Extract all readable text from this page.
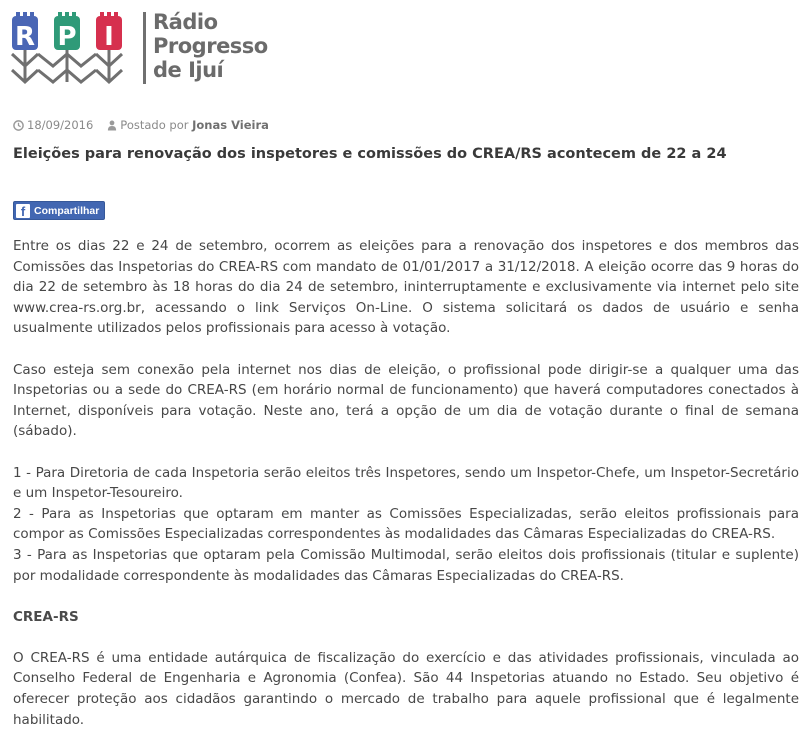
R P I Rádio
Progresso
de Ijuí
18/09/2016 Postado por Jonas Vieira
Eleições para renovação dos inspetores e comissões do CREA/RS acontecem de 22 a 24
f Compartilhar

Entre os dias 22 e 24 de setembro, ocorrem as eleições para a renovação dos inspetores e dos membros das Comissões das Inspetorias do CREA-RS com mandato de 01/01/2017 a 31/12/2018. A eleição ocorre das 9 horas do dia 22 de setembro às 18 horas do dia 24 de setembro, ininterruptamente e exclusivamente via internet pelo site www.crea-rs.org.br, acessando o link Serviços On-Line. O sistema solicitará os dados de usuário e senha usualmente utilizados pelos profissionais para acesso à votação.

Caso esteja sem conexão pela internet nos dias de eleição, o profissional pode dirigir-se a qualquer uma das Inspetorias ou a sede do CREA-RS (em horário normal de funcionamento) que haverá computadores conectados à Internet, disponíveis para votação. Neste ano, terá a opção de um dia de votação durante o final de semana (sábado).

1 - Para Diretoria de cada Inspetoria serão eleitos três Inspetores, sendo um Inspetor-Chefe, um Inspetor-Secretário e um Inspetor-Tesoureiro.
2 - Para as Inspetorias que optaram em manter as Comissões Especializadas, serão eleitos profissionais para compor as Comissões Especializadas correspondentes às modalidades das Câmaras Especializadas do CREA-RS.
3 - Para as Inspetorias que optaram pela Comissão Multimodal, serão eleitos dois profissionais (titular e suplente) por modalidade correspondente às modalidades das Câmaras Especializadas do CREA-RS.

CREA-RS

O CREA-RS é uma entidade autárquica de fiscalização do exercício e das atividades profissionais, vinculada ao Conselho Federal de Engenharia e Agronomia (Confea). São 44 Inspetorias atuando no Estado. Seu objetivo é oferecer proteção aos cidadãos garantindo o mercado de trabalho para aquele profissional que é legalmente habilitado.
